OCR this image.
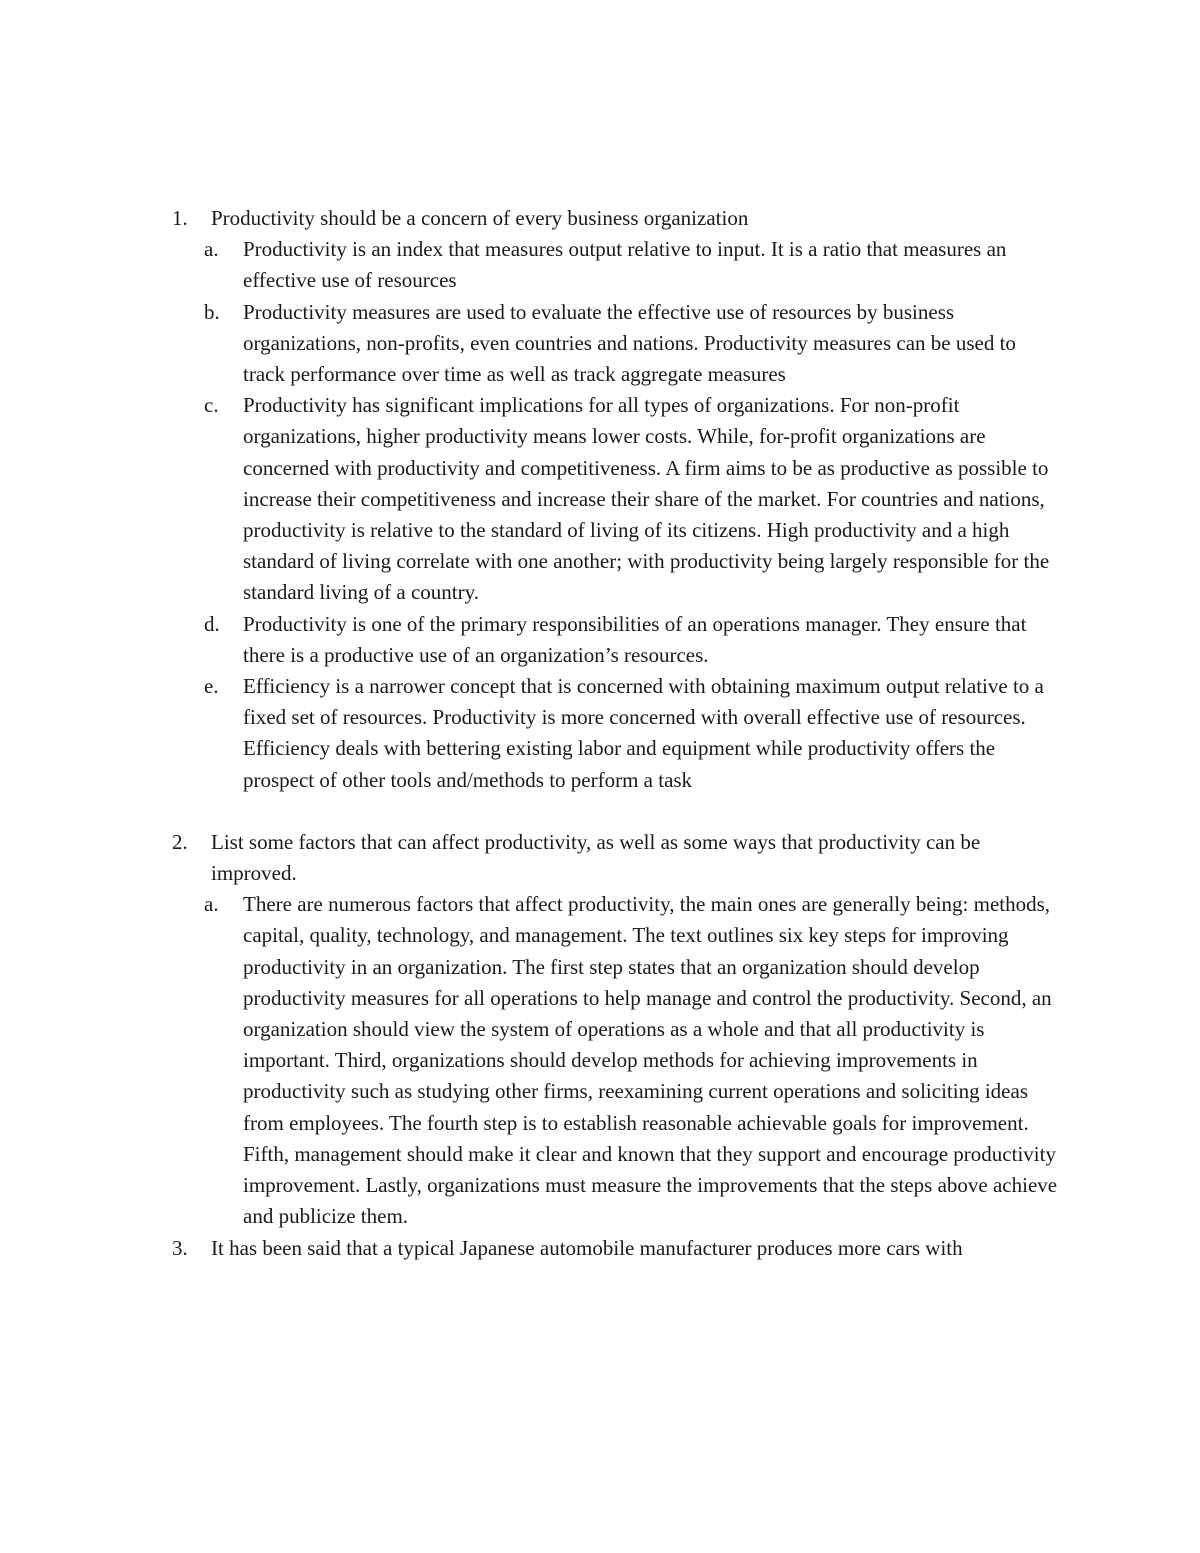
1.	Productivity should be a concern of every business organization
a.	Productivity is an index that measures output relative to input. It is a ratio that measures an effective use of resources
b.	Productivity measures are used to evaluate the effective use of resources by business organizations, non-profits, even countries and nations. Productivity measures can be used to track performance over time as well as track aggregate measures
c.	Productivity has significant implications for all types of organizations. For non-profit organizations, higher productivity means lower costs. While, for-profit organizations are concerned with productivity and competitiveness. A firm aims to be as productive as possible to increase their competitiveness and increase their share of the market. For countries and nations, productivity is relative to the standard of living of its citizens. High productivity and a high standard of living correlate with one another; with productivity being largely responsible for the standard living of a country.
d.	Productivity is one of the primary responsibilities of an operations manager. They ensure that there is a productive use of an organization’s resources.
e.	Efficiency is a narrower concept that is concerned with obtaining maximum output relative to a fixed set of resources. Productivity is more concerned with overall effective use of resources. Efficiency deals with bettering existing labor and equipment while productivity offers the prospect of other tools and/methods to perform a task
2.	List some factors that can affect productivity, as well as some ways that productivity can be improved.
a.	There are numerous factors that affect productivity, the main ones are generally being: methods, capital, quality, technology, and management. The text outlines six key steps for improving productivity in an organization. The first step states that an organization should develop productivity measures for all operations to help manage and control the productivity. Second, an organization should view the system of operations as a whole and that all productivity is important. Third, organizations should develop methods for achieving improvements in productivity such as studying other firms, reexamining current operations and soliciting ideas from employees. The fourth step is to establish reasonable achievable goals for improvement. Fifth, management should make it clear and known that they support and encourage productivity improvement. Lastly, organizations must measure the improvements that the steps above achieve and publicize them.
3.	It has been said that a typical Japanese automobile manufacturer produces more cars with
